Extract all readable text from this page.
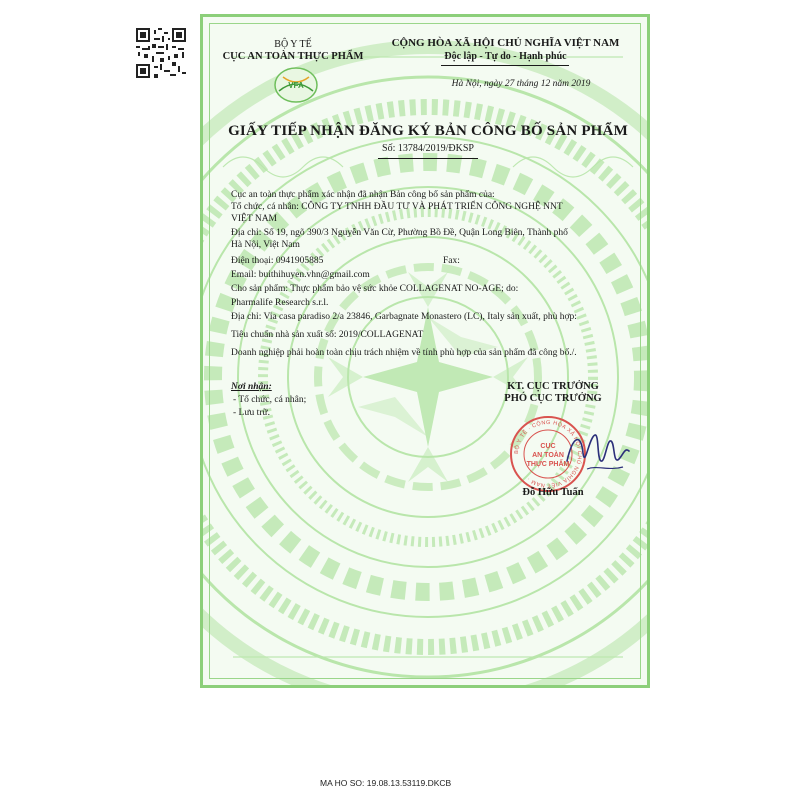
BỘ Y TẾ
CỤC AN TOÀN THỰC PHẨM
VFA
CỘNG HÒA XÃ HỘI CHỦ NGHĨA VIỆT NAM
Độc lập - Tự do - Hạnh phúc
Hà Nội, ngày 27 tháng 12 năm 2019
GIẤY TIẾP NHẬN ĐĂNG KÝ BẢN CÔNG BỐ SẢN PHẨM
Số: 13784/2019/ĐKSP
Cục an toàn thực phẩm xác nhận đã nhận Bản công bố sản phẩm của:
Tổ chức, cá nhân: CÔNG TY TNHH ĐẦU TƯ VÀ PHÁT TRIỂN CÔNG NGHỆ NNT
VIỆT NAM
Địa chỉ: Số 19, ngõ 390/3 Nguyễn Văn Cừ, Phường Bồ Đề, Quận Long Biên, Thành phố
Hà Nội, Việt Nam
Điện thoại: 0941905885	Fax:
Email: buithihuyen.vhn@gmail.com
Cho sản phẩm: Thực phẩm bảo vệ sức khỏe COLLAGENAT NO-AGE; do:
Pharmalife Research s.r.l.
Địa chỉ: Via casa paradiso 2/a 23846, Garbagnate Monastero (LC), Italy sản xuất, phù hợp:
Tiêu chuẩn nhà sản xuất số: 2019/COLLAGENAT
Doanh nghiệp phải hoàn toàn chịu trách nhiệm về tính phù hợp của sản phẩm đã công bố./.
Nơi nhận:
- Tổ chức, cá nhân;
- Lưu trữ.
KT. CỤC TRƯỞNG
PHÓ CỤC TRƯỞNG
BỘ Y TẾ · CỘNG HÒA XÃ HỘI CHỦ NGHĨA VIỆT NAM ·
CỤC
AN TOÀN
THỰC PHẨM
Đỗ Hữu Tuấn
MA HO SO: 19.08.13.53119.DKCB
